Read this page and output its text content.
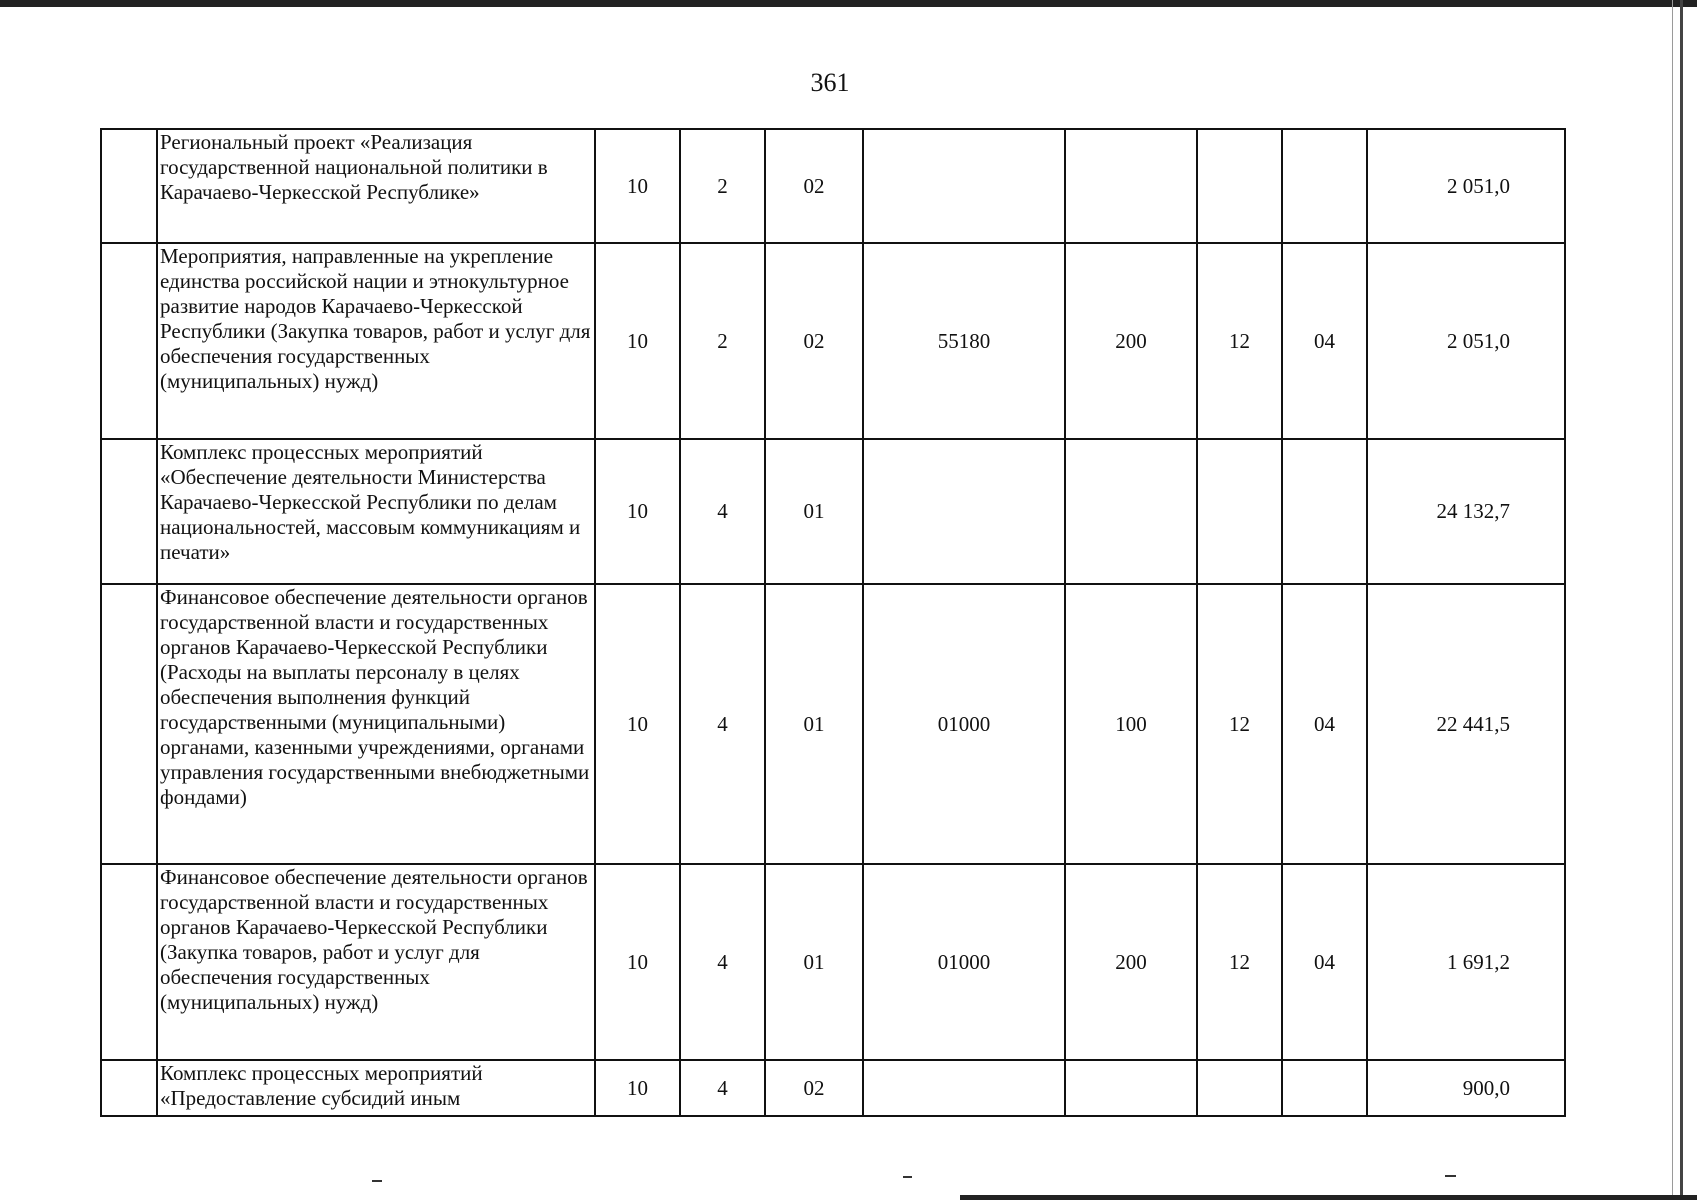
361
	Региональный проект «Реализация государственной национальной политики в Карачаево-Черкесской Республике»	10	2	02					2 051,0
	Мероприятия, направленные на укрепление единства российской нации и этнокультурное развитие народов Карачаево-Черкесской Республики (Закупка товаров, работ и услуг для обеспечения государственных (муниципальных) нужд)	10	2	02	55180	200	12	04	2 051,0
	Комплекс процессных мероприятий «Обеспечение деятельности Министерства Карачаево-Черкесской Республики по делам национальностей, массовым коммуникациям и печати»	10	4	01					24 132,7
	Финансовое обеспечение деятельности органов государственной власти и государственных органов Карачаево-Черкесской Республики (Расходы на выплаты персоналу в целях обеспечения выполнения функций государственными (муниципальными) органами, казенными учреждениями, органами управления государственными внебюджетными фондами)	10	4	01	01000	100	12	04	22 441,5
	Финансовое обеспечение деятельности органов государственной власти и государственных органов Карачаево-Черкесской Республики (Закупка товаров, работ и услуг для обеспечения государственных (муниципальных) нужд)	10	4	01	01000	200	12	04	1 691,2
	Комплекс процессных мероприятий «Предоставление субсидий иным	10	4	02					900,0
